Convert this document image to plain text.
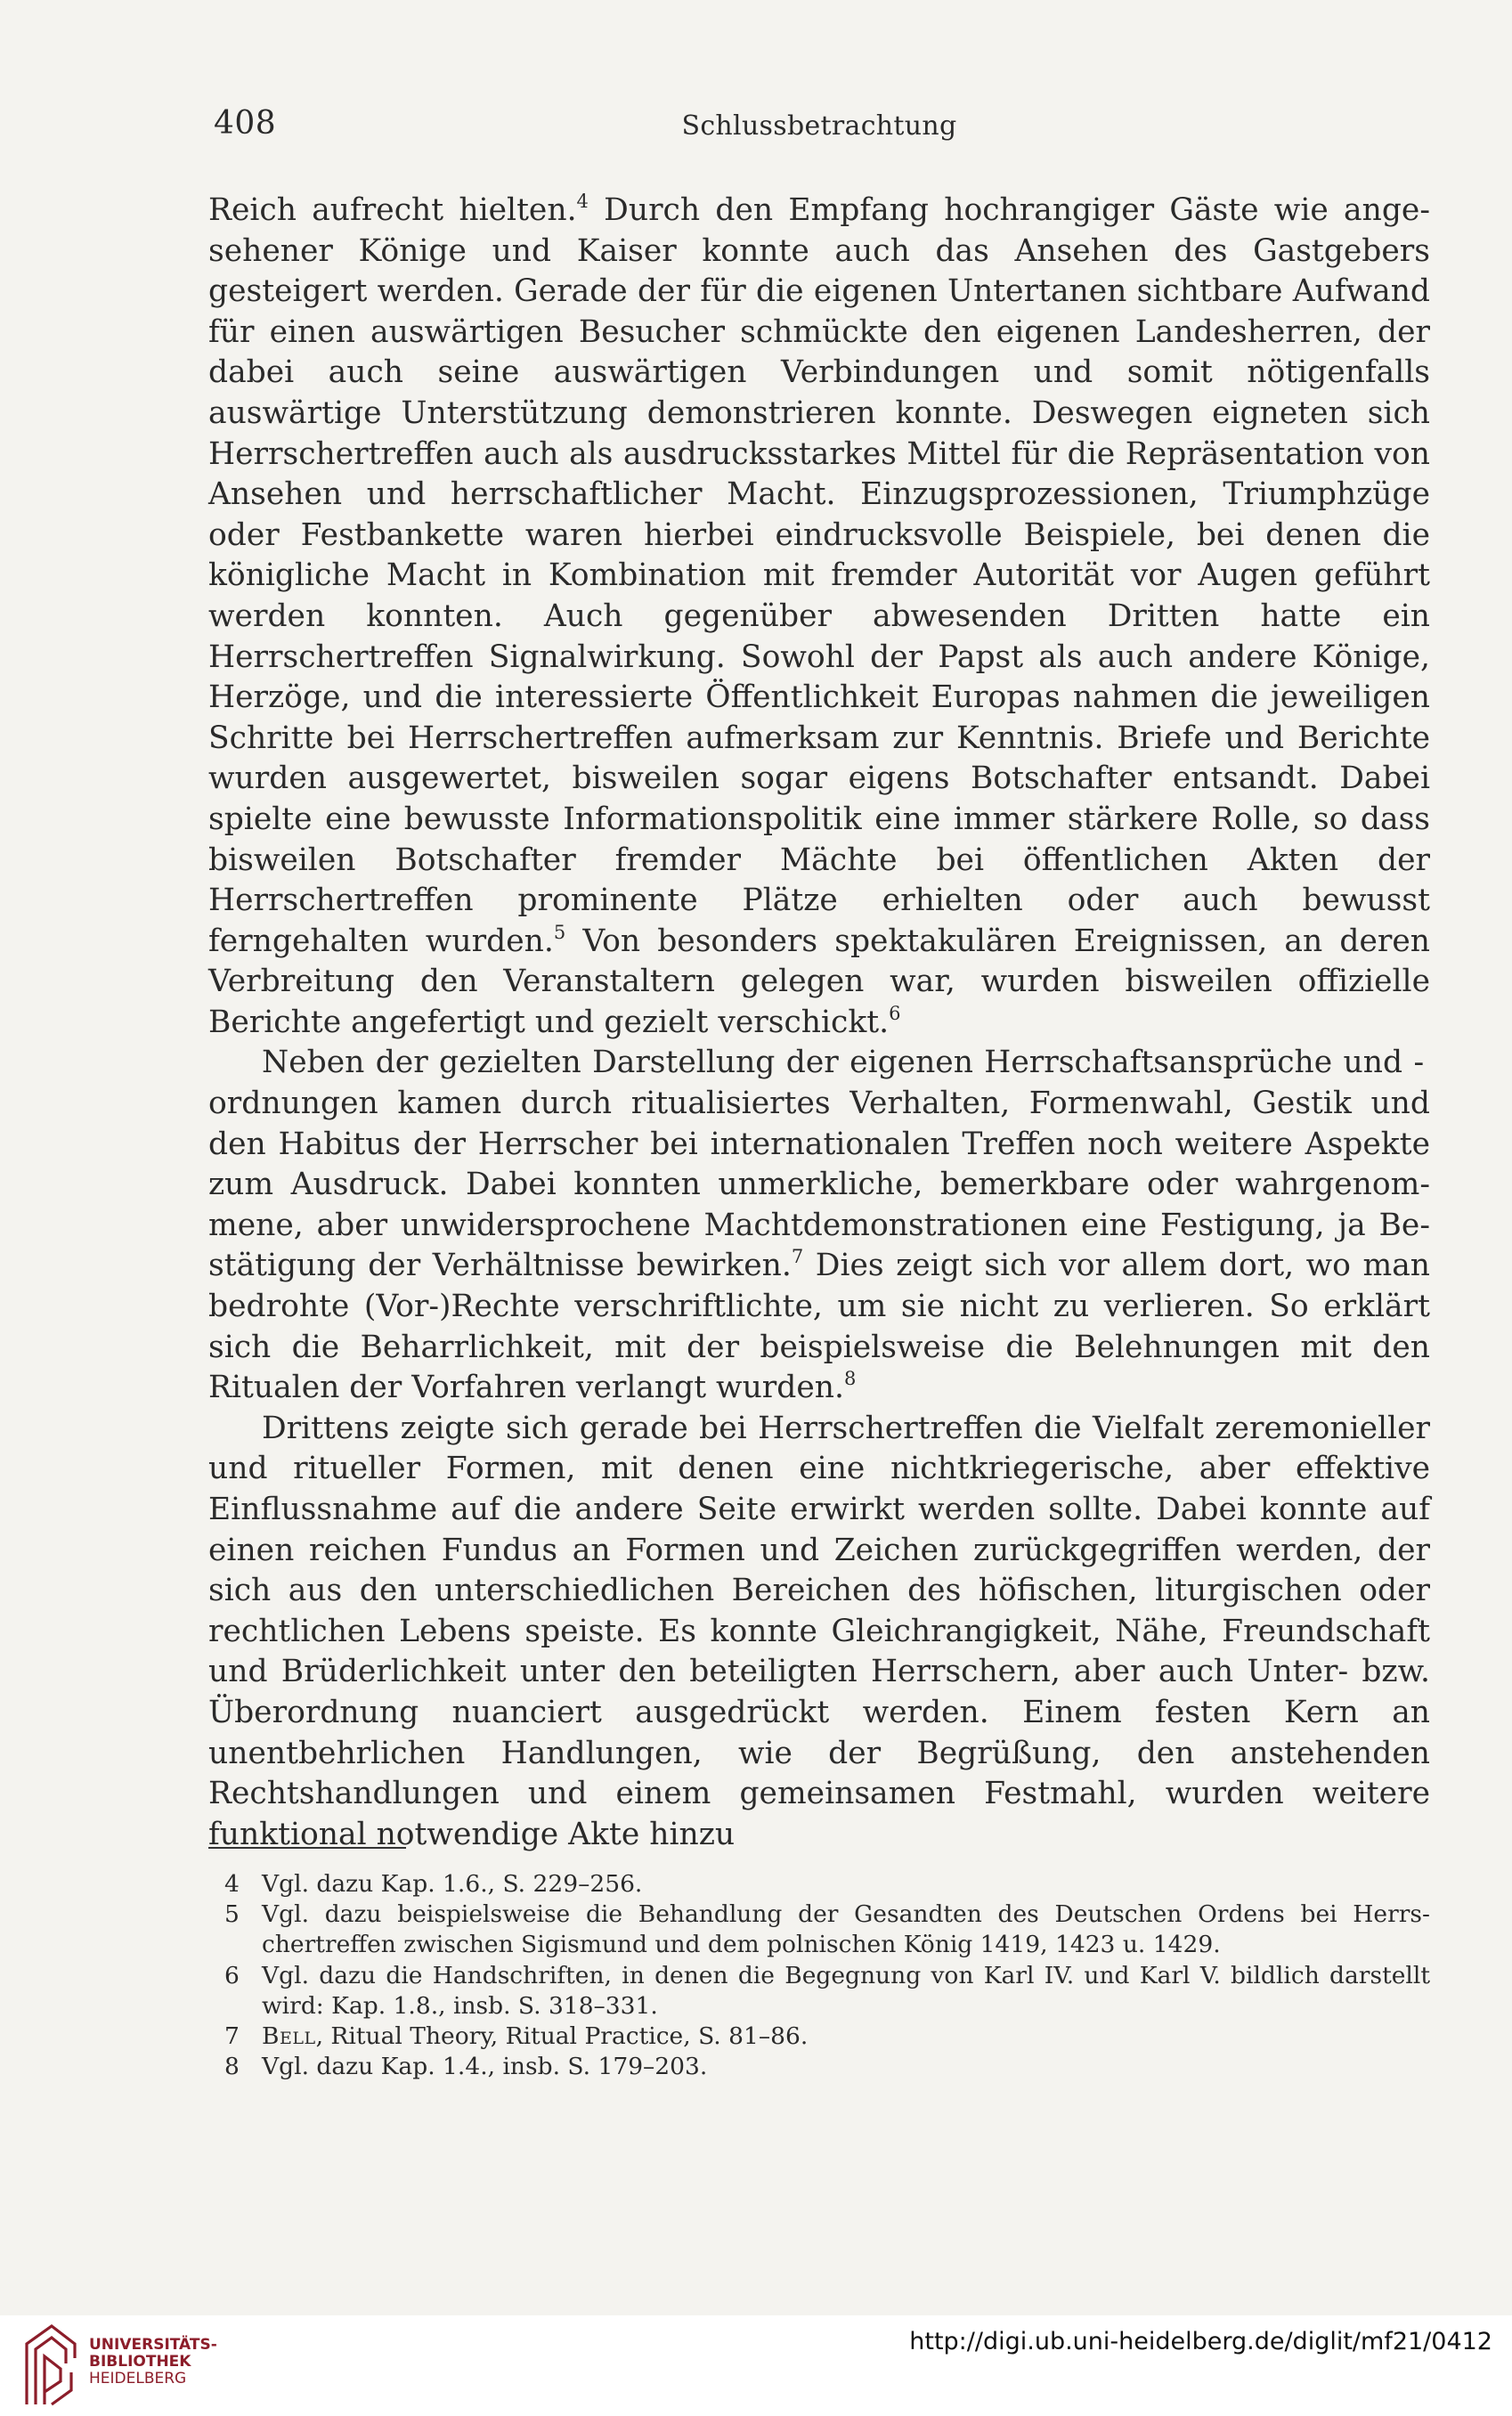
408	Schlussbetrachtung

Reich aufrecht hielten.$^4$ Durch den Empfang hochrangiger Gäste wie angesehener Könige und Kaiser konnte auch das Ansehen des Gastgebers gesteigert werden. Gerade der für die eigenen Untertanen sichtbare Aufwand für einen auswärtigen Besucher schmückte den eigenen Landesherren, der dabei auch seine auswärtigen Verbindungen und somit nötigenfalls auswärtige Unterstützung demonstrieren konnte. Deswegen eigneten sich Herrschertreffen auch als ausdrucksstarkes Mittel für die Repräsentation von Ansehen und herrschaftlicher Macht. Einzugsprozessionen, Triumphzüge oder Festbankette waren hierbei eindrucksvolle Beispiele, bei denen die königliche Macht in Kombination mit fremder Autorität vor Augen geführt werden konnten. Auch gegenüber abwesenden Dritten hatte ein Herrschertreffen Signalwirkung. Sowohl der Papst als auch andere Könige, Herzöge, und die interessierte Öffentlichkeit Europas nahmen die jeweiligen Schritte bei Herrschertreffen aufmerksam zur Kenntnis. Briefe und Berichte wurden ausgewertet, bisweilen sogar eigens Botschafter entsandt. Dabei spielte eine bewusste Informationspolitik eine immer stärkere Rolle, so dass bisweilen Botschafter fremder Mächte bei öffentlichen Akten der Herrschertreffen prominente Plätze erhielten oder auch bewusst ferngehalten wurden.$^5$ Von besonders spektakulären Ereignissen, an deren Verbreitung den Veranstaltern gelegen war, wurden bisweilen offizielle Berichte angefertigt und gezielt verschickt.$^6$

Neben der gezielten Darstellung der eigenen Herrschaftsansprüche und - ordnungen kamen durch ritualisiertes Verhalten, Formenwahl, Gestik und den Habitus der Herrscher bei internationalen Treffen noch weitere Aspekte zum Ausdruck. Dabei konnten unmerkliche, bemerkbare oder wahrgenommene, aber unwidersprochene Machtdemonstrationen eine Festigung, ja Bestätigung der Verhältnisse bewirken.$^7$ Dies zeigt sich vor allem dort, wo man bedrohte (Vor-)Rechte verschriftlichte, um sie nicht zu verlieren. So erklärt sich die Beharrlichkeit, mit der beispielsweise die Belehnungen mit den Ritualen der Vorfahren verlangt wurden.$^8$

Drittens zeigte sich gerade bei Herrschertreffen die Vielfalt zeremonieller und ritueller Formen, mit denen eine nichtkriegerische, aber effektive Einflussnahme auf die andere Seite erwirkt werden sollte. Dabei konnte auf einen reichen Fundus an Formen und Zeichen zurückgegriffen werden, der sich aus den unterschiedlichen Bereichen des höfischen, liturgischen oder rechtlichen Lebens speiste. Es konnte Gleichrangigkeit, Nähe, Freundschaft und Brüderlichkeit unter den beteiligten Herrschern, aber auch Unter- bzw. Überordnung nuanciert ausgedrückt werden. Einem festen Kern an unentbehrlichen Handlungen, wie der Begrüßung, den anstehenden Rechtshandlungen und einem gemeinsamen Festmahl, wurden weitere funktional notwendige Akte hinzu

4 Vgl. dazu Kap. 1.6., S. 229–256.
5 Vgl. dazu beispielsweise die Behandlung der Gesandten des Deutschen Ordens bei Herrschertreffen zwischen Sigismund und dem polnischen König 1419, 1423 u. 1429.
6 Vgl. dazu die Handschriften, in denen die Begegnung von Karl IV. und Karl V. bildlich darstellt wird: Kap. 1.8., insb. S. 318–331.
7 Bell, Ritual Theory, Ritual Practice, S. 81–86.
8 Vgl. dazu Kap. 1.4., insb. S. 179–203.
UNIVERSITÄTS-
BIBLIOTHEK
HEIDELBERG
http://digi.ub.uni-heidelberg.de/diglit/mf21/0412
